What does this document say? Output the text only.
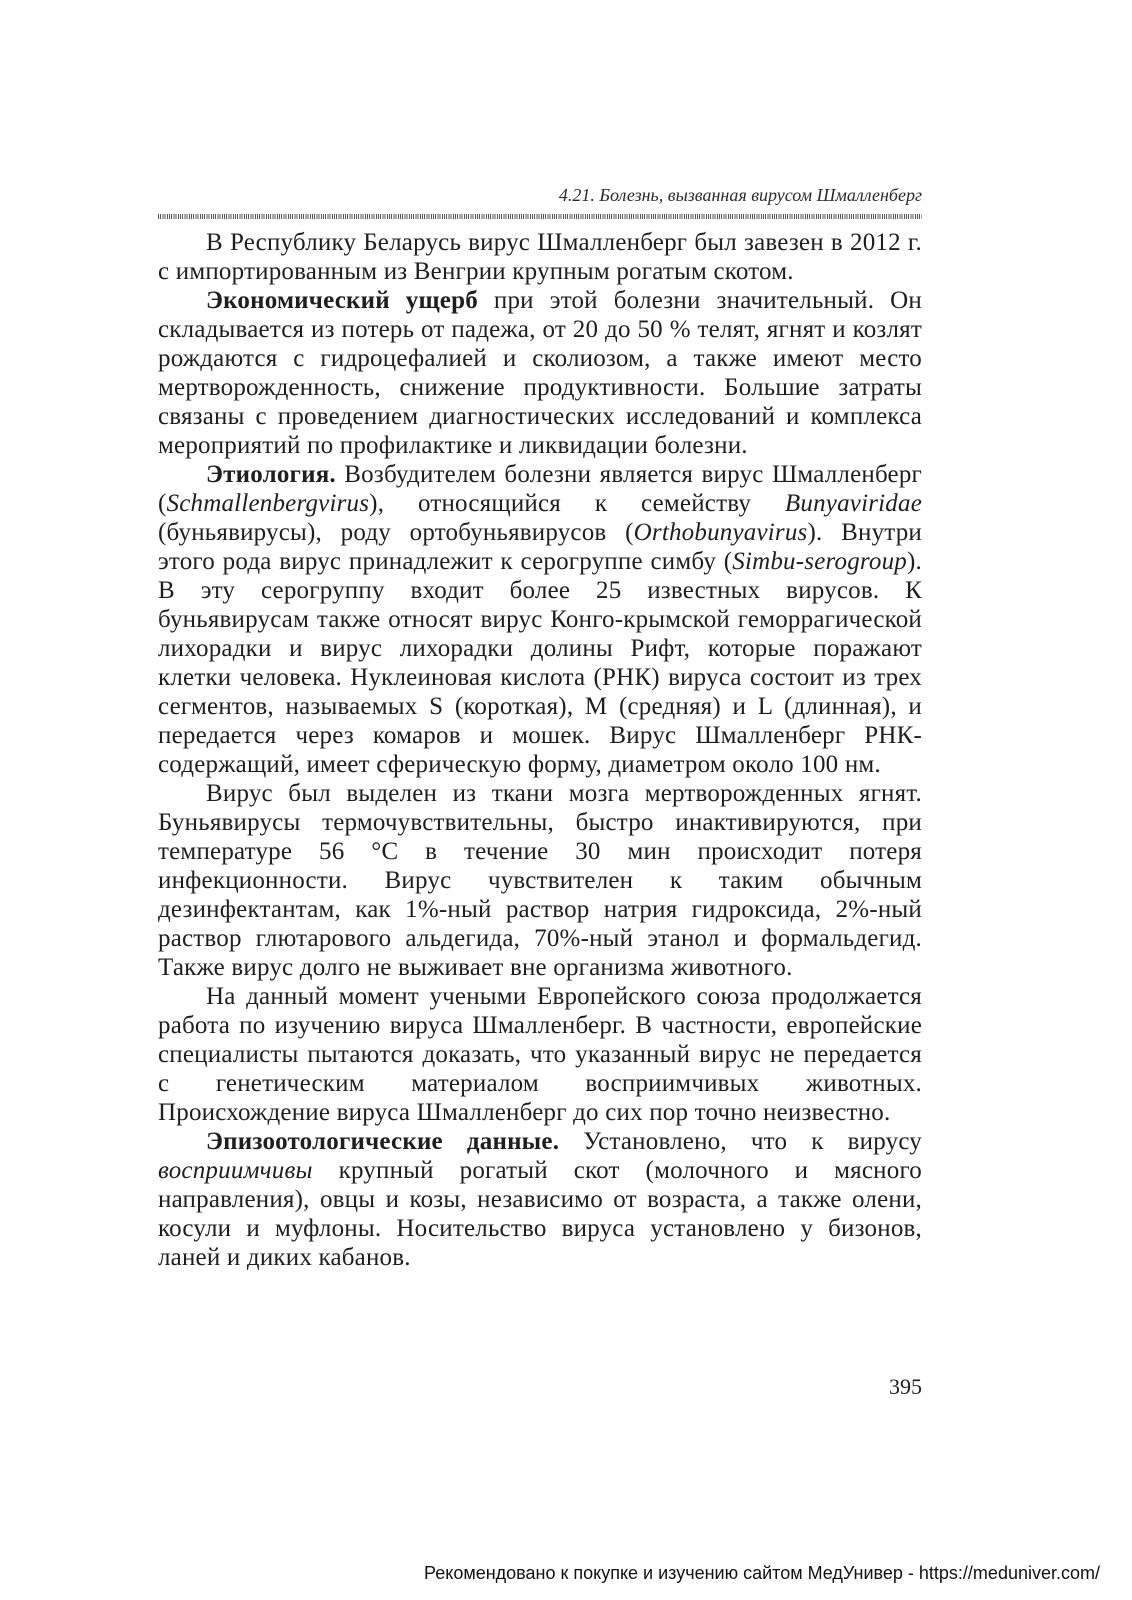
4.21. Болезнь, вызванная вирусом Шмалленберг

В Республику Беларусь вирус Шмалленберг был завезен в 2012 г. с импортированным из Венгрии крупным рогатым скотом.

Экономический ущерб при этой болезни значительный. Он складывается из потерь от падежа, от 20 до 50 % телят, ягнят и козлят рождаются с гидроцефалией и сколиозом, а также имеют место мертворожденность, снижение продуктивности. Большие затраты связаны с проведением диагностических исследований и комплекса мероприятий по профилактике и ликвидации болезни.

Этиология. Возбудителем болезни является вирус Шмалленберг (Schmallenbergvirus), относящийся к семейству Bunyaviridae (буньявирусы), роду ортобуньявирусов (Orthobunyavirus). Внутри этого рода вирус принадлежит к серогруппе симбу (Simbu-serogroup). В эту серогруппу входит более 25 известных вирусов. К буньявирусам также относят вирус Конго-крымской геморрагической лихорадки и вирус лихорадки долины Рифт, которые поражают клетки человека. Нуклеиновая кислота (РНК) вируса состоит из трех сегментов, называемых S (короткая), M (средняя) и L (длинная), и передается через комаров и мошек. Вирус Шмалленберг РНК-содержащий, имеет сферическую форму, диаметром около 100 нм.

Вирус был выделен из ткани мозга мертворожденных ягнят. Буньявирусы термочувствительны, быстро инактивируются, при температуре 56 °С в течение 30 мин происходит потеря инфекционности. Вирус чувствителен к таким обычным дезинфектантам, как 1%-ный раствор натрия гидроксида, 2%-ный раствор глютарового альдегида, 70%-ный этанол и формальдегид. Также вирус долго не выживает вне организма животного.

На данный момент учеными Европейского союза продолжается работа по изучению вируса Шмалленберг. В частности, европейские специалисты пытаются доказать, что указанный вирус не передается с генетическим материалом восприимчивых животных. Происхождение вируса Шмалленберг до сих пор точно неизвестно.

Эпизоотологические данные. Установлено, что к вирусу восприимчивы крупный рогатый скот (молочного и мясного направления), овцы и козы, независимо от возраста, а также олени, косули и муфлоны. Носительство вируса установлено у бизонов, ланей и диких кабанов.

395
Рекомендовано к покупке и изучению сайтом МедУнивер - https://meduniver.com/
